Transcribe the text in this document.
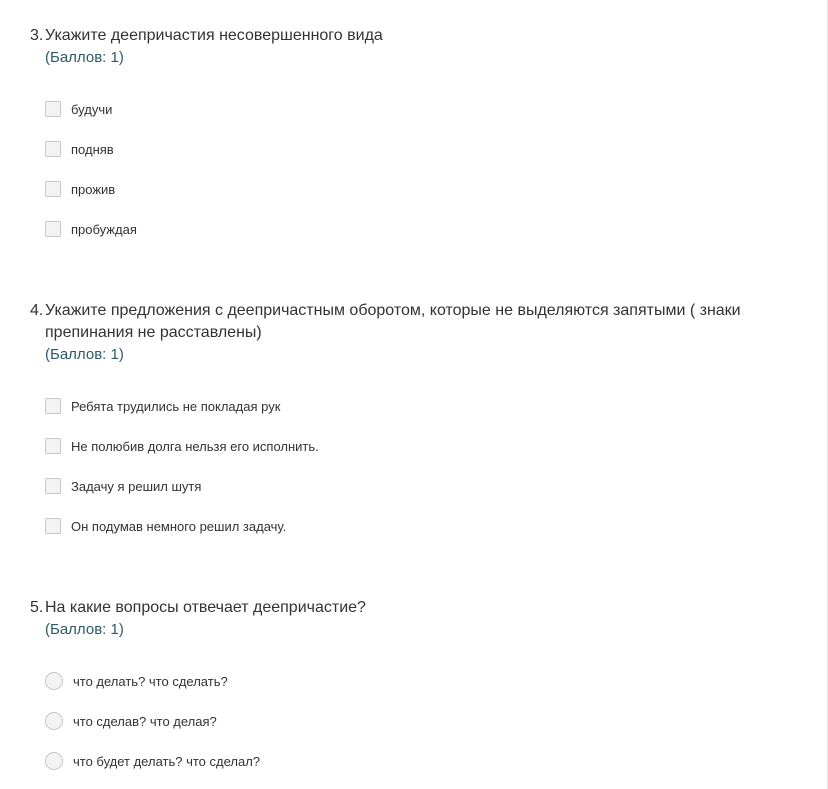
3. Укажите деепричастия несовершенного вида
(Баллов: 1)
будучи
подняв
прожив
пробуждая
4. Укажите предложения с деепричастным оборотом, которые не выделяются запятыми ( знаки препинания не расставлены)
(Баллов: 1)
Ребята трудились не покладая рук
Не полюбив долга нельзя его исполнить.
Задачу я решил шутя
Он подумав немного решил задачу.
5. На какие вопросы отвечает деепричастие?
(Баллов: 1)
что делать? что сделать?
что сделав? что делая?
что будет делать? что сделал?
